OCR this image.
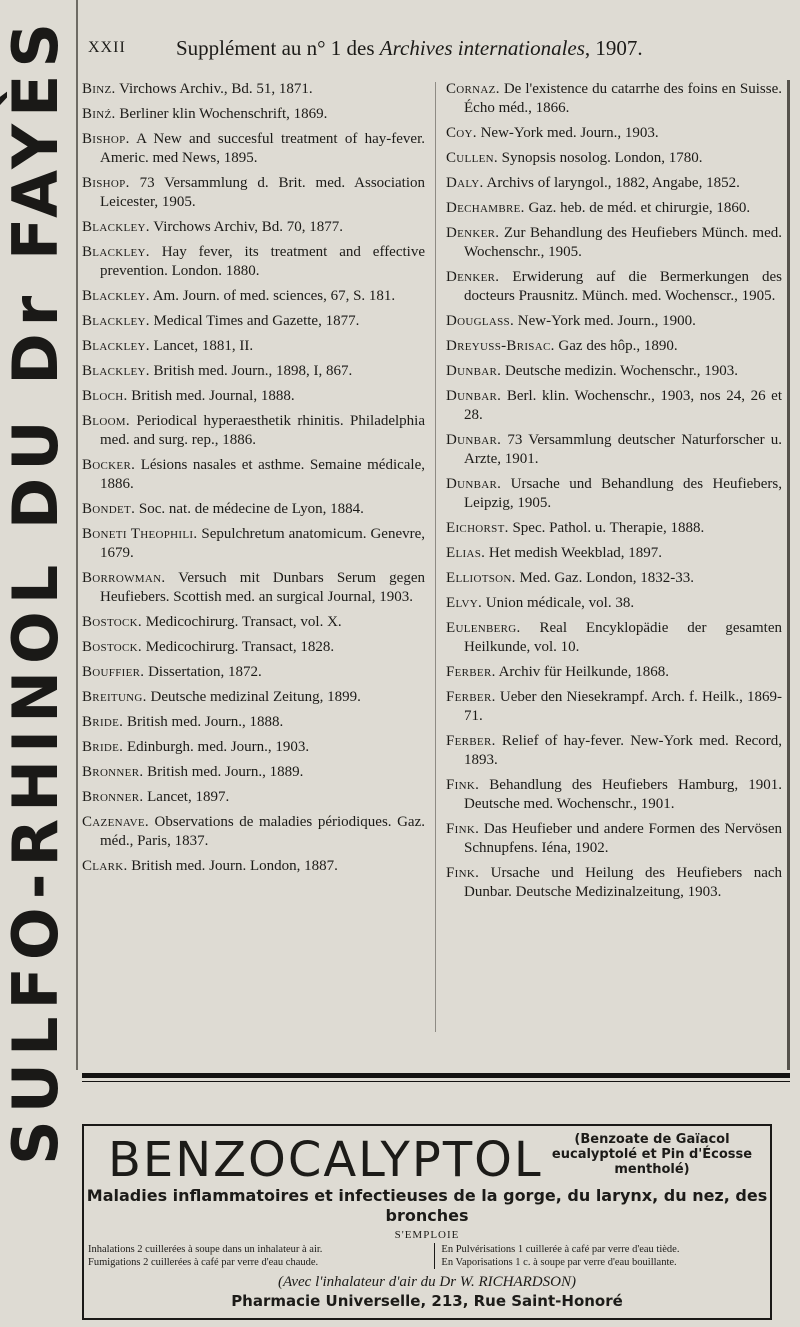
SULFO-RHINOL DU Dr FAYÈS XXII Supplément au n° 1 des Archives internationales, 1907.
Binz. Virchows Archiv., Bd. 51, 1871.
Binź. Berliner klin Wochenschrift, 1869.
Bishop. A New and succesful treatment of hay-fever. Americ. med News, 1895.
Bishop. 73 Versammlung d. Brit. med. Association Leicester, 1905.
Blackley. Virchows Archiv, Bd. 70, 1877.
Blackley. Hay fever, its treatment and effective prevention. London. 1880.
Blackley. Am. Journ. of med. sciences, 67, S. 181.
Blackley. Medical Times and Gazette, 1877.
Blackley. Lancet, 1881, II.
Blackley. British med. Journ., 1898, I, 867.
Bloch. British med. Journal, 1888.
Bloom. Periodical hyperaesthetik rhinitis. Philadelphia med. and surg. rep., 1886.
Bocker. Lésions nasales et asthme. Semaine médicale, 1886.
Bondet. Soc. nat. de médecine de Lyon, 1884.
Boneti Theophili. Sepulchretum anatomicum. Genevre, 1679.
Borrowman. Versuch mit Dunbars Serum gegen Heufiebers. Scottish med. an surgical Journal, 1903.
Bostock. Medicochirurg. Transact, vol. X.
Bostock. Medicochirurg. Transact, 1828.
Bouffier. Dissertation, 1872.
Breitung. Deutsche medizinal Zeitung, 1899.
Bride. British med. Journ., 1888.
Bride. Edinburgh. med. Journ., 1903.
Bronner. British med. Journ., 1889.
Bronner. Lancet, 1897.
Cazenave. Observations de maladies périodiques. Gaz. méd., Paris, 1837.
Clark. British med. Journ. London, 1887.
Cornaz. De l'existence du catarrhe des foins en Suisse. Écho méd., 1866.
Coy. New-York med. Journ., 1903.
Cullen. Synopsis nosolog. London, 1780.
Daly. Archivs of laryngol., 1882, Angabe, 1852.
Dechambre. Gaz. heb. de méd. et chirurgie, 1860.
Denker. Zur Behandlung des Heufiebers Münch. med. Wochenschr., 1905.
Denker. Erwiderung auf die Bermerkungen des docteurs Prausnitz. Münch. med. Wochenscr., 1905.
Douglass. New-York med. Journ., 1900.
Dreyuss-Brisac. Gaz des hôp., 1890.
Dunbar. Deutsche medizin. Wochenschr., 1903.
Dunbar. Berl. klin. Wochenschr., 1903, nos 24, 26 et 28.
Dunbar. 73 Versammlung deutscher Naturforscher u. Arzte, 1901.
Dunbar. Ursache und Behandlung des Heufiebers, Leipzig, 1905.
Eichorst. Spec. Pathol. u. Therapie, 1888.
Elias. Het medish Weekblad, 1897.
Elliotson. Med. Gaz. London, 1832-33.
Elvy. Union médicale, vol. 38.
Eulenberg. Real Encyklopädie der gesamten Heilkunde, vol. 10.
Ferber. Archiv für Heilkunde, 1868.
Ferber. Ueber den Niesekrampf. Arch. f. Heilk., 1869-71.
Ferber. Relief of hay-fever. New-York med. Record, 1893.
Fink. Behandlung des Heufiebers Hamburg, 1901. Deutsche med. Wochenschr., 1901.
Fink. Das Heufieber und andere Formen des Nervösen Schnupfens. Iéna, 1902.
Fink. Ursache und Heilung des Heufiebers nach Dunbar. Deutsche Medizinalzeitung, 1903.
BENZOCALYPTOL	(Benzoate de Gaïacol eucalyptolé et Pin d'Écosse mentholé)
Maladies inflammatoires et infectieuses de la gorge, du larynx, du nez, des bronches
S'EMPLOIE
Inhalations 2 cuillerées à soupe dans un inhalateur à air.
Fumigations 2 cuillerées à café par verre d'eau chaude.
En Pulvérisations 1 cuillerée à café par verre d'eau tiède.
En Vaporisations 1 c. à soupe par verre d'eau bouillante.
(Avec l'inhalateur d'air du Dr W. RICHARDSON)
Pharmacie Universelle, 213, Rue Saint-Honoré
